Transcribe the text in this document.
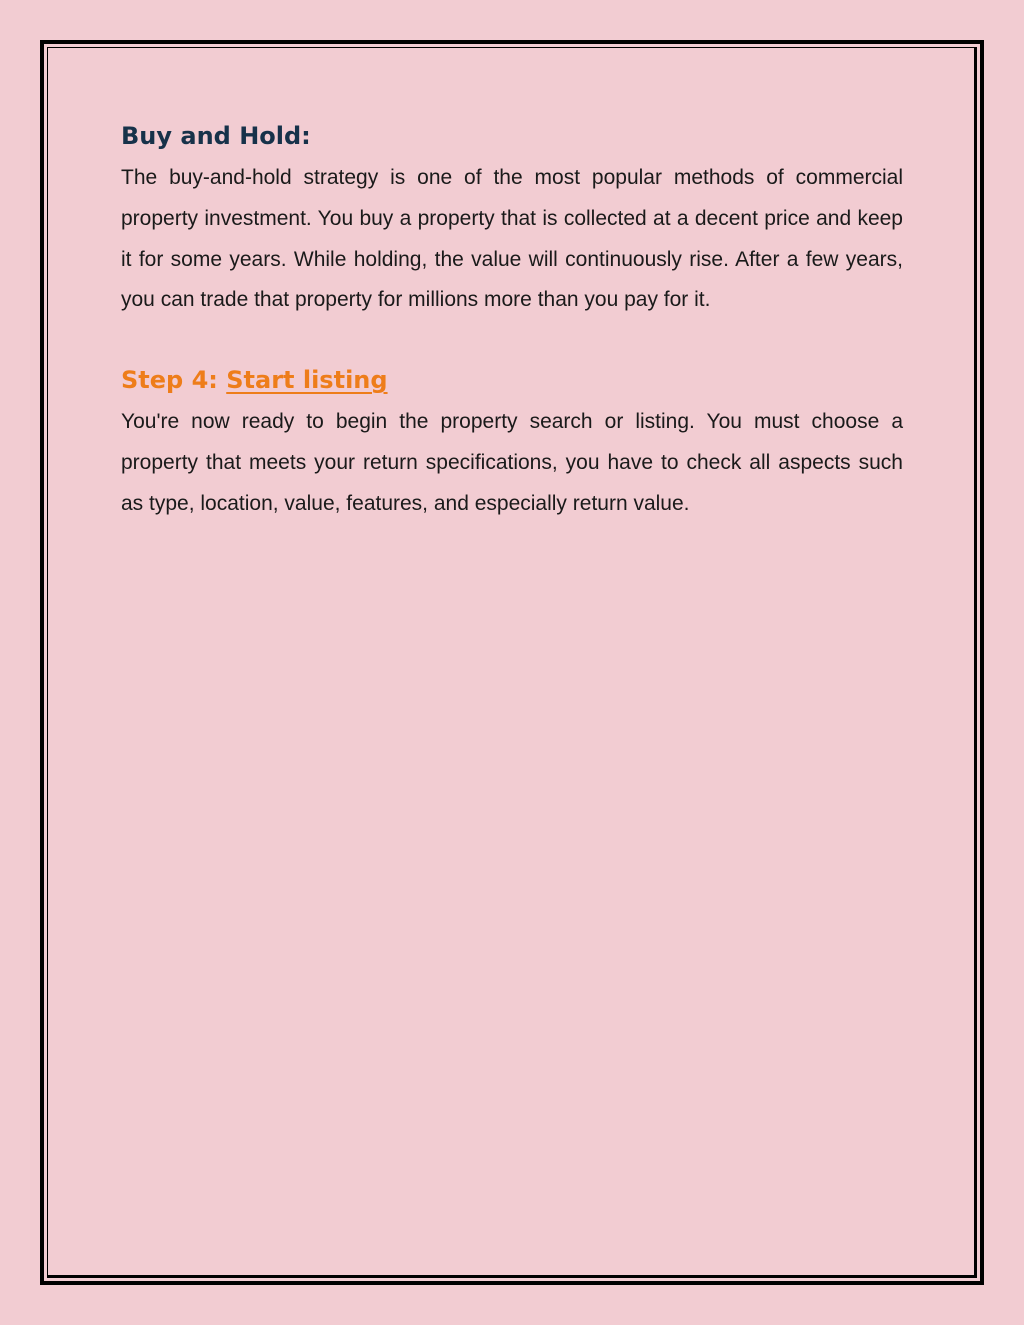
Buy and Hold:

The buy-and-hold strategy is one of the most popular methods of commercial property investment. You buy a property that is collected at a decent price and keep it for some years. While holding, the value will continuously rise. After a few years, you can trade that property for millions more than you pay for it.

Step 4: Start listing

You're now ready to begin the property search or listing. You must choose a property that meets your return specifications, you have to check all aspects such as type, location, value, features, and especially return value.
